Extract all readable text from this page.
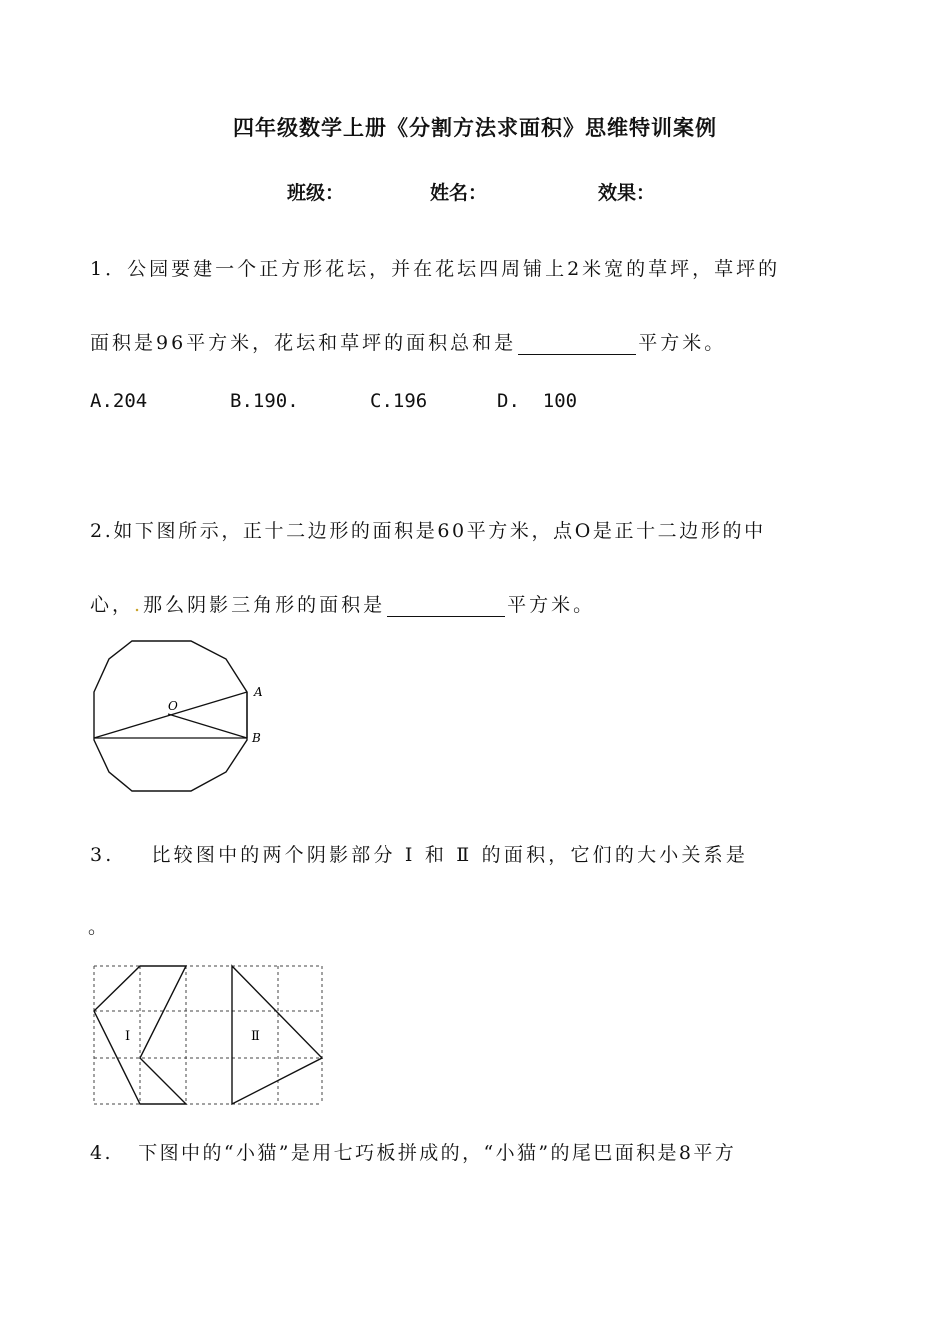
四年级数学上册《分割方法求面积》思维特训案例
班级：	姓名：	效果：
1．公园要建一个正方形花坛，并在花坛四周铺上2米宽的草坪，草坪的
面积是96平方米，花坛和草坪的面积总和是	平方米。
A.204	B.190.	C.196	D.  100
2.如下图所示，正十二边形的面积是60平方米，点O是正十二边形的中
心，.那么阴影三角形的面积是	平方米。
O
A
B
3.    比较图中的两个阴影部分 Ⅰ 和 Ⅱ 的面积，它们的大小关系是
。
Ⅰ	Ⅱ
4.   下图中的“小猫”是用七巧板拼成的，“小猫”的尾巴面积是8平方
